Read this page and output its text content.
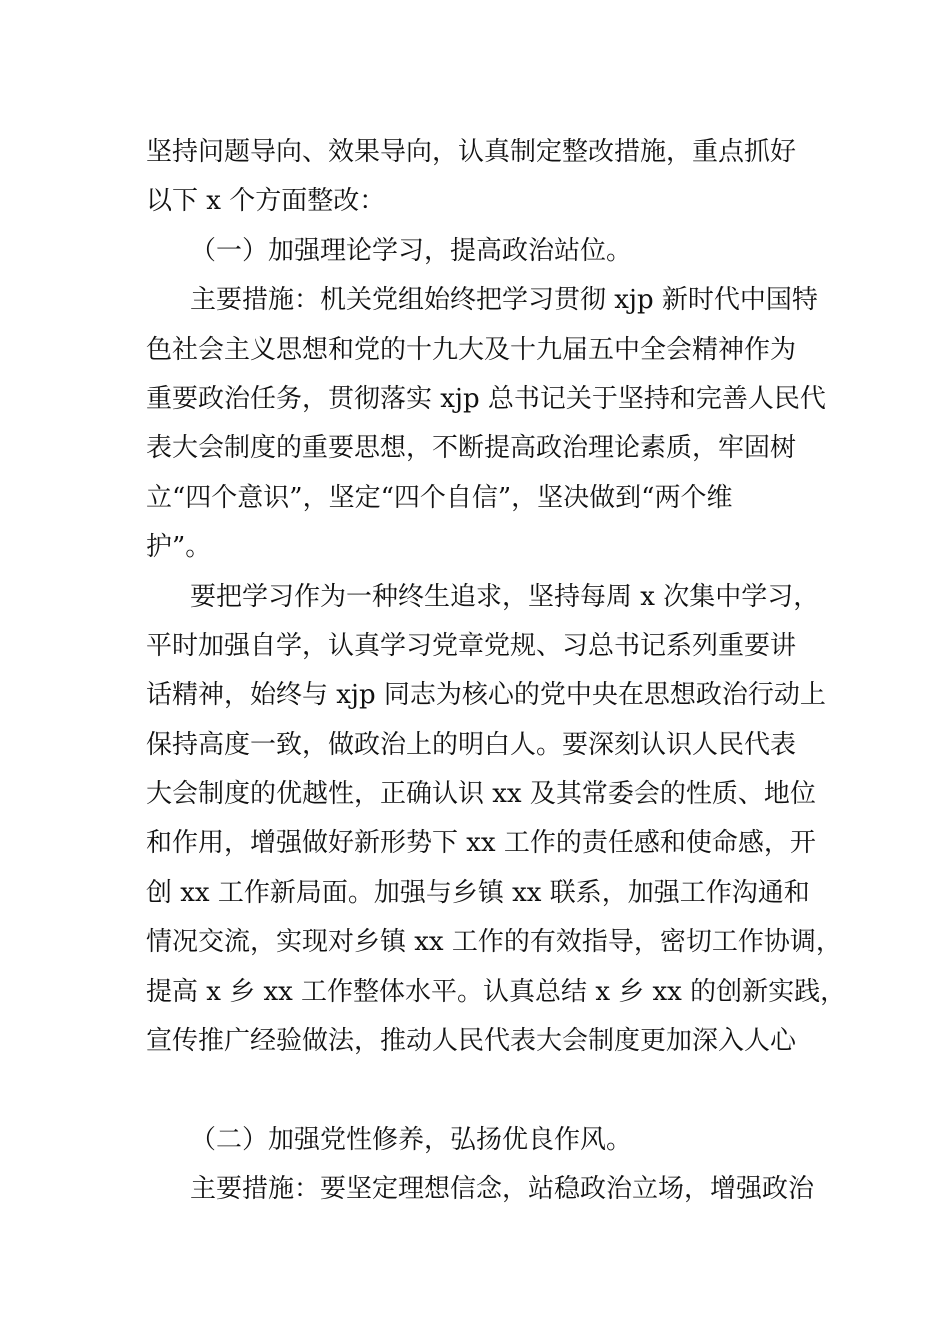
坚持问题导向、效果导向，认真制定整改措施，重点抓好
以下 x 个方面整改：
（一）加强理论学习，提高政治站位。
主要措施：机关党组始终把学习贯彻 xjp 新时代中国特
色社会主义思想和党的十九大及十九届五中全会精神作为
重要政治任务，贯彻落实 xjp 总书记关于坚持和完善人民代
表大会制度的重要思想，不断提高政治理论素质，牢固树
立“四个意识”，坚定“四个自信”，坚决做到“两个维
护”。
要把学习作为一种终生追求，坚持每周 x 次集中学习，
平时加强自学，认真学习党章党规、习总书记系列重要讲
话精神，始终与 xjp 同志为核心的党中央在思想政治行动上
保持高度一致，做政治上的明白人。要深刻认识人民代表
大会制度的优越性，正确认识 xx 及其常委会的性质、地位
和作用，增强做好新形势下 xx 工作的责任感和使命感，开
创 xx 工作新局面。加强与乡镇 xx 联系，加强工作沟通和
情况交流，实现对乡镇 xx 工作的有效指导，密切工作协调，
提高 x 乡 xx 工作整体水平。认真总结 x 乡 xx 的创新实践，
宣传推广经验做法，推动人民代表大会制度更加深入人心
（二）加强党性修养，弘扬优良作风。
主要措施：要坚定理想信念，站稳政治立场，增强政治
